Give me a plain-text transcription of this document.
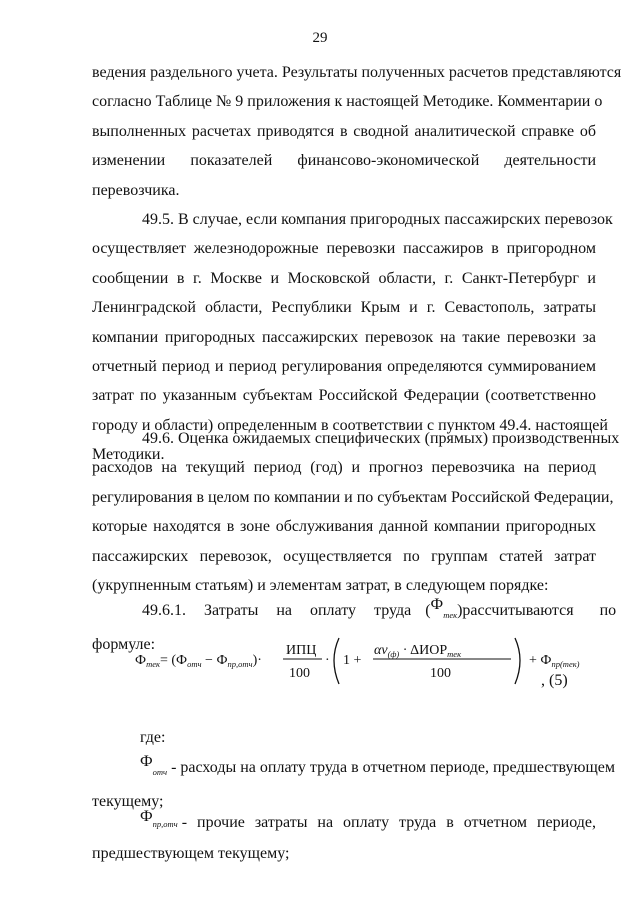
29
ведения раздельного учета. Результаты полученных расчетов представляются
согласно Таблице № 9 приложения к настоящей Методике. Комментарии о
выполненных расчетах приводятся в сводной аналитической справке об
изменении показателей финансово-экономической деятельности
перевозчика.
49.5. В случае, если компания пригородных пассажирских перевозок
осуществляет железнодорожные перевозки пассажиров в пригородном
сообщении в г. Москве и Московской области, г. Санкт-Петербург и
Ленинградской области, Республики Крым и г. Севастополь, затраты
компании пригородных пассажирских перевозок на такие перевозки за
отчетный период и период регулирования определяются суммированием
затрат по указанным субъектам Российской Федерации (соответственно
городу и области) определенным в соответствии с пунктом 49.4. настоящей
Методики.
49.6. Оценка ожидаемых специфических (прямых) производственных
расходов на текущий период (год) и прогноз перевозчика на период
регулирования в целом по компании и по субъектам Российской Федерации,
которые находятся в зоне обслуживания данной компании пригородных
пассажирских перевозок, осуществляется по группам статей затрат
(укрупненным статьям) и элементам затрат, в следующем порядке:
49.6.1. Затраты на оплату труда $(Ф_{тек})$ рассчитываются по
формуле:
$Ф_{тек}= (Ф_{отч} - Ф_{пр,отч})\cdot$
ИПЦ
100
· 1 +
$\alpha\nu_{(ф)} \cdot \Delta ИОР_{тек}$
100
+ $Ф_{пр(тек)}$
, (5)
где:
$Ф_{отч}$ - расходы на оплату труда в отчетном периоде, предшествующем
текущему;
Ф пр,отч - прочие затраты на оплату труда в отчетном периоде,
предшествующем текущему;
